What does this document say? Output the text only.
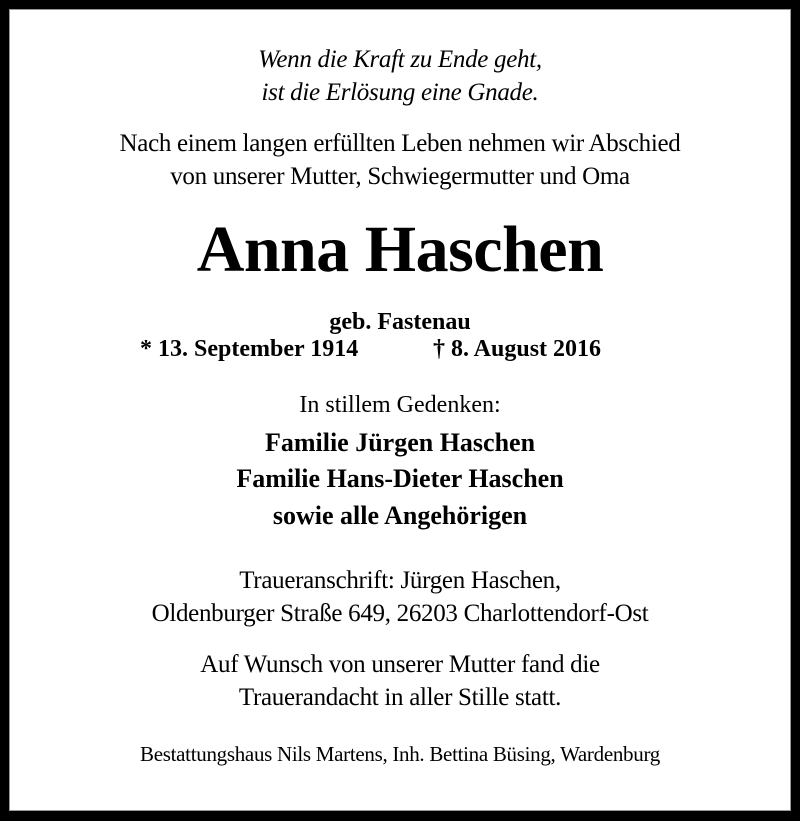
Wenn die Kraft zu Ende geht,
ist die Erlösung eine Gnade.
Nach einem langen erfüllten Leben nehmen wir Abschied
von unserer Mutter, Schwiegermutter und Oma
Anna Haschen
geb. Fastenau
* 13. September 1914	† 8. August 2016
In stillem Gedenken:
Familie Jürgen Haschen
Familie Hans-Dieter Haschen
sowie alle Angehörigen
Traueranschrift: Jürgen Haschen,
Oldenburger Straße 649, 26203 Charlottendorf-Ost
Auf Wunsch von unserer Mutter fand die
Trauerandacht in aller Stille statt.
Bestattungshaus Nils Martens, Inh. Bettina Büsing, Wardenburg
